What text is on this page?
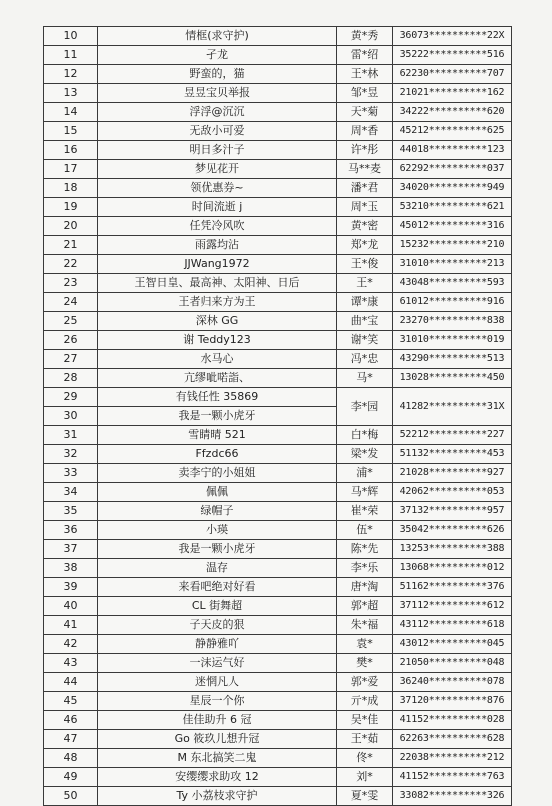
10	情框(求守护)	黄*秀	36073**********22X
11	孑龙	雷*绍	35222**********516
12	野蛮的，猫	王*林	62230**********707
13	昱昱宝贝举报	邹*昱	21021**********162
14	浮浮@沉沉	天*菊	34222**********620
15	无敌小可爱	周*香	45212**********625
16	明日多汁子	许*彤	44018**********123
17	梦见花开	马**麦	62292**********037
18	领优惠券~	潘*君	34020**********949
19	时间流逝 j	周*玉	53210**********621
20	任凭冷风吹	黄*密	45012**********316
21	雨露均沾	郑*龙	15232**********210
22	JJWang1972	王*俊	31010**********213
23	王智日皇、最高神、太阳神、日后	王*	43048**********593
24	王者归来方为王	谭*康	61012**********916
25	深林 GG	曲*宝	23270**********838
26	谢 Teddy123	谢*笑	31010**********019
27	水马心	冯*忠	43290**********513
28	亢缪呲喏詣、	马*	13028**********450
29	有钱任性 35869	李*园	41282**********31X
30	我是一颗小虎牙		
31	雪睛晴 521	白*梅	52212**********227
32	Ffzdc66	梁*发	51132**********453
33	卖李宁的小姐姐	浦*	21028**********927
34	佩佩	马*辉	42062**********053
35	绿帽子	崔*荣	37132**********957
36	小瑛	伍*	35042**********626
37	我是一颗小虎牙	陈*先	13253**********388
38	温存	李*乐	13068**********012
39	来看吧绝对好看	唐*淘	51162**********376
40	CL 街舞超	郭*超	37112**********612
41	子天皮的狠	朱*福	43112**********618
42	静静雅吖	袁*	43012**********045
43	一沫运气好	樊*	21050**********048
44	迷惘凡人	郭*爱	36240**********078
45	星辰一个你	亓*成	37120**********876
46	佳佳助升 6 冠	吴*佳	41152**********028
47	Go 筱玖儿想升冠	王*茹	62263**********628
48	M 东北搞笑二鬼	佟*	22038**********212
49	安缨缨求助攻 12	刘*	41152**********763
50	Ty 小荔枝求守护	夏*雯	33082**********326
